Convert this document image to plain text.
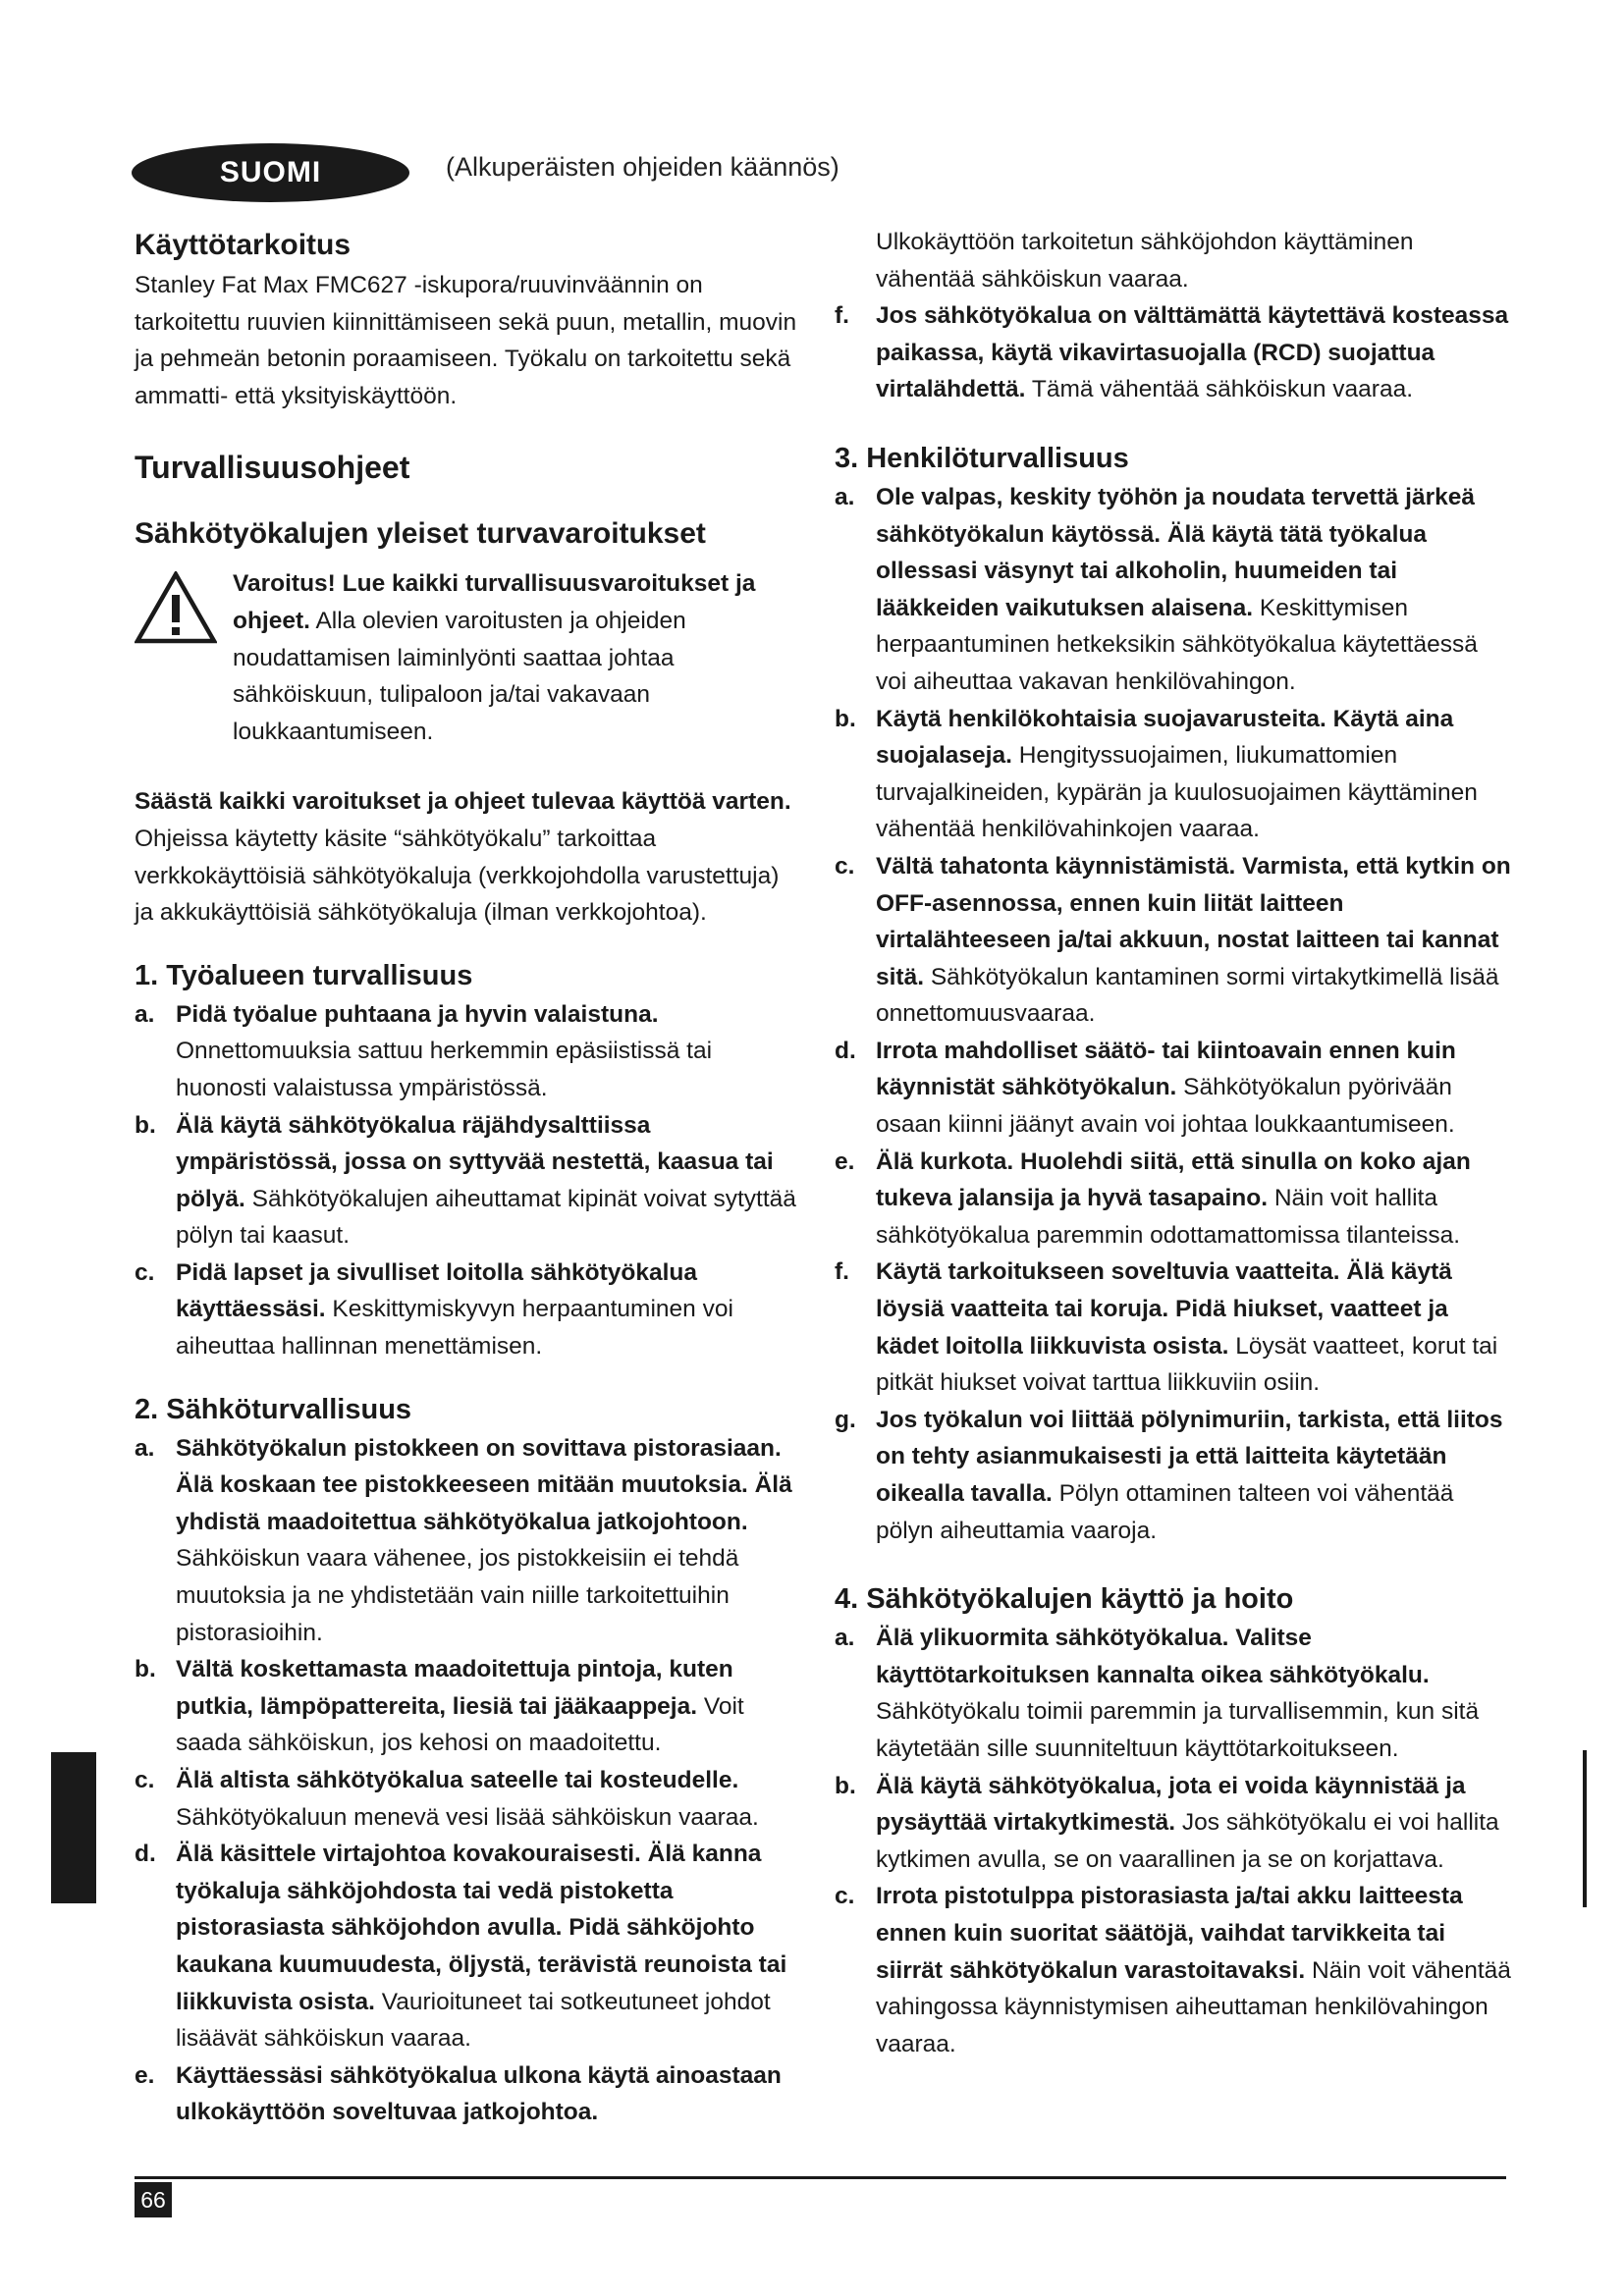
SUOMI	(Alkuperäisten ohjeiden käännös)

Käyttötarkoitus

Stanley Fat Max FMC627 -iskupora/ruuvinväännin on tarkoitettu ruuvien kiinnittämiseen sekä puun, metallin, muovin ja pehmeän betonin poraamiseen. Työkalu on tarkoitettu sekä ammatti- että yksityiskäyttöön.

Turvallisuusohjeet

Sähkötyökalujen yleiset turvavaroitukset

Varoitus! Lue kaikki turvallisuusvaroitukset ja ohjeet. Alla olevien varoitusten ja ohjeiden noudattamisen laiminlyönti saattaa johtaa sähköiskuun, tulipaloon ja/tai vakavaan loukkaantumiseen.

Säästä kaikki varoitukset ja ohjeet tulevaa käyttöä varten. Ohjeissa käytetty käsite “sähkötyökalu” tarkoittaa verkkokäyttöisiä sähkötyökaluja (verkkojohdolla varustettuja) ja akkukäyttöisiä sähkötyökaluja (ilman verkkojohtoa).

1. Työalueen turvallisuus

a. Pidä työalue puhtaana ja hyvin valaistuna. Onnettomuuksia sattuu herkemmin epäsiistissä tai huonosti valaistussa ympäristössä.
b. Älä käytä sähkötyökalua räjähdysalttiissa ympäristössä, jossa on syttyvää nestettä, kaasua tai pölyä. Sähkötyökalujen aiheuttamat kipinät voivat sytyttää pölyn tai kaasut.
c. Pidä lapset ja sivulliset loitolla sähkötyökalua käyttäessäsi. Keskittymiskyvyn herpaantuminen voi aiheuttaa hallinnan menettämisen.

2. Sähköturvallisuus

a. Sähkötyökalun pistokkeen on sovittava pistorasiaan. Älä koskaan tee pistokkeeseen mitään muutoksia. Älä yhdistä maadoitettua sähkötyökalua jatkojohtoon. Sähköiskun vaara vähenee, jos pistokkeisiin ei tehdä muutoksia ja ne yhdistetään vain niille tarkoitettuihin pistorasioihin.
b. Vältä koskettamasta maadoitettuja pintoja, kuten putkia, lämpöpattereita, liesiä tai jääkaappeja. Voit saada sähköiskun, jos kehosi on maadoitettu.
c. Älä altista sähkötyökalua sateelle tai kosteudelle. Sähkötyökaluun menevä vesi lisää sähköiskun vaaraa.
d. Älä käsittele virtajohtoa kovakouraisesti. Älä kanna työkaluja sähköjohdosta tai vedä pistoketta pistorasiasta sähköjohdon avulla. Pidä sähköjohto kaukana kuumuudesta, öljystä, terävistä reunoista tai liikkuvista osista. Vaurioituneet tai sotkeutuneet johdot lisäävät sähköiskun vaaraa.
e. Käyttäessäsi sähkötyökalua ulkona käytä ainoastaan ulkokäyttöön soveltuvaa jatkojohtoa.

Ulkokäyttöön tarkoitetun sähköjohdon käyttäminen vähentää sähköiskun vaaraa.

f.	Jos sähkötyökalua on välttämättä käytettävä kosteassa paikassa, käytä vikavirtasuojalla (RCD) suojattua virtalähdettä. Tämä vähentää sähköiskun vaaraa.

3. Henkilöturvallisuus

a. Ole valpas, keskity työhön ja noudata tervettä järkeä sähkötyökalun käytössä. Älä käytä tätä työkalua ollessasi väsynyt tai alkoholin, huumeiden tai lääkkeiden vaikutuksen alaisena. Keskittymisen herpaantuminen hetkeksikin sähkötyökalua käytettäessä voi aiheuttaa vakavan henkilövahingon.
b. Käytä henkilökohtaisia suojavarusteita. Käytä aina suojalaseja. Hengityssuojaimen, liukumattomien turvajalkineiden, kypärän ja kuulosuojaimen käyttäminen vähentää henkilövahinkojen vaaraa.
c. Vältä tahatonta käynnistämistä. Varmista, että kytkin on OFF-asennossa, ennen kuin liität laitteen virtalähteeseen ja/tai akkuun, nostat laitteen tai kannat sitä. Sähkötyökalun kantaminen sormi virtakytkimellä lisää onnettomuusvaaraa.
d. Irrota mahdolliset säätö- tai kiintoavain ennen kuin käynnistät sähkötyökalun. Sähkötyökalun pyörivään osaan kiinni jäänyt avain voi johtaa loukkaantumiseen.
e. Älä kurkota. Huolehdi siitä, että sinulla on koko ajan tukeva jalansija ja hyvä tasapaino. Näin voit hallita sähkötyökalua paremmin odottamattomissa tilanteissa.
f.	Käytä tarkoitukseen soveltuvia vaatteita. Älä käytä löysiä vaatteita tai koruja. Pidä hiukset, vaatteet ja kädet loitolla liikkuvista osista. Löysät vaatteet, korut tai pitkät hiukset voivat tarttua liikkuviin osiin.
g. Jos työkalun voi liittää pölynimuriin, tarkista, että liitos on tehty asianmukaisesti ja että laitteita käytetään oikealla tavalla. Pölyn ottaminen talteen voi vähentää pölyn aiheuttamia vaaroja.

4. Sähkötyökalujen käyttö ja hoito

a. Älä ylikuormita sähkötyökalua. Valitse käyttötarkoituksen kannalta oikea sähkötyökalu. Sähkötyökalu toimii paremmin ja turvallisemmin, kun sitä käytetään sille suunniteltuun käyttötarkoitukseen.
b. Älä käytä sähkötyökalua, jota ei voida käynnistää ja pysäyttää virtakytkimestä. Jos sähkötyökalu ei voi hallita kytkimen avulla, se on vaarallinen ja se on korjattava.
c. Irrota pistotulppa pistorasiasta ja/tai akku laitteesta ennen kuin suoritat säätöjä, vaihdat tarvikkeita tai siirrät sähkötyökalun varastoitavaksi. Näin voit vähentää vahingossa käynnistymisen aiheuttaman henkilövahingon vaaraa.
66
